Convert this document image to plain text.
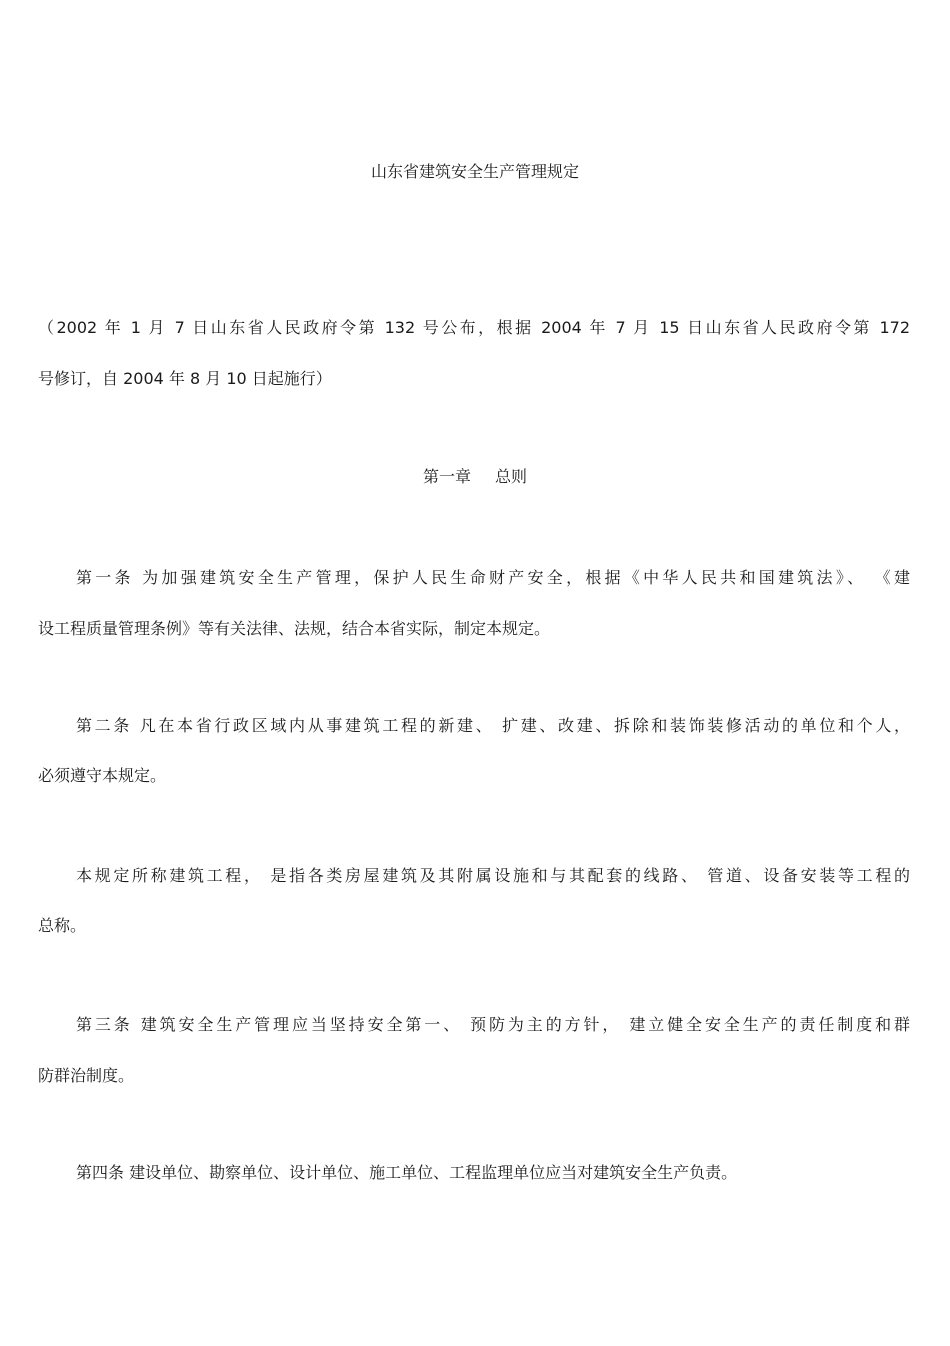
山东省建筑安全生产管理规定
（2002 年 1 月 7 日山东省人民政府令第 132 号公布，根据 2004 年 7 月 15 日山东省人民政府令第 172
号修订，自 2004 年 8 月 10 日起施行）
第一章 总则
第一条 为加强建筑安全生产管理，保护人民生命财产安全，根据《中华人民共和国建筑法》、 《建
设工程质量管理条例》等有关法律、法规，结合本省实际，制定本规定。
第二条 凡在本省行政区域内从事建筑工程的新建、 扩建、改建、拆除和装饰装修活动的单位和个人，
必须遵守本规定。
本规定所称建筑工程， 是指各类房屋建筑及其附属设施和与其配套的线路、 管道、设备安装等工程的
总称。
第三条 建筑安全生产管理应当坚持安全第一、 预防为主的方针， 建立健全安全生产的责任制度和群
防群治制度。
第四条 建设单位、勘察单位、设计单位、施工单位、工程监理单位应当对建筑安全生产负责。
